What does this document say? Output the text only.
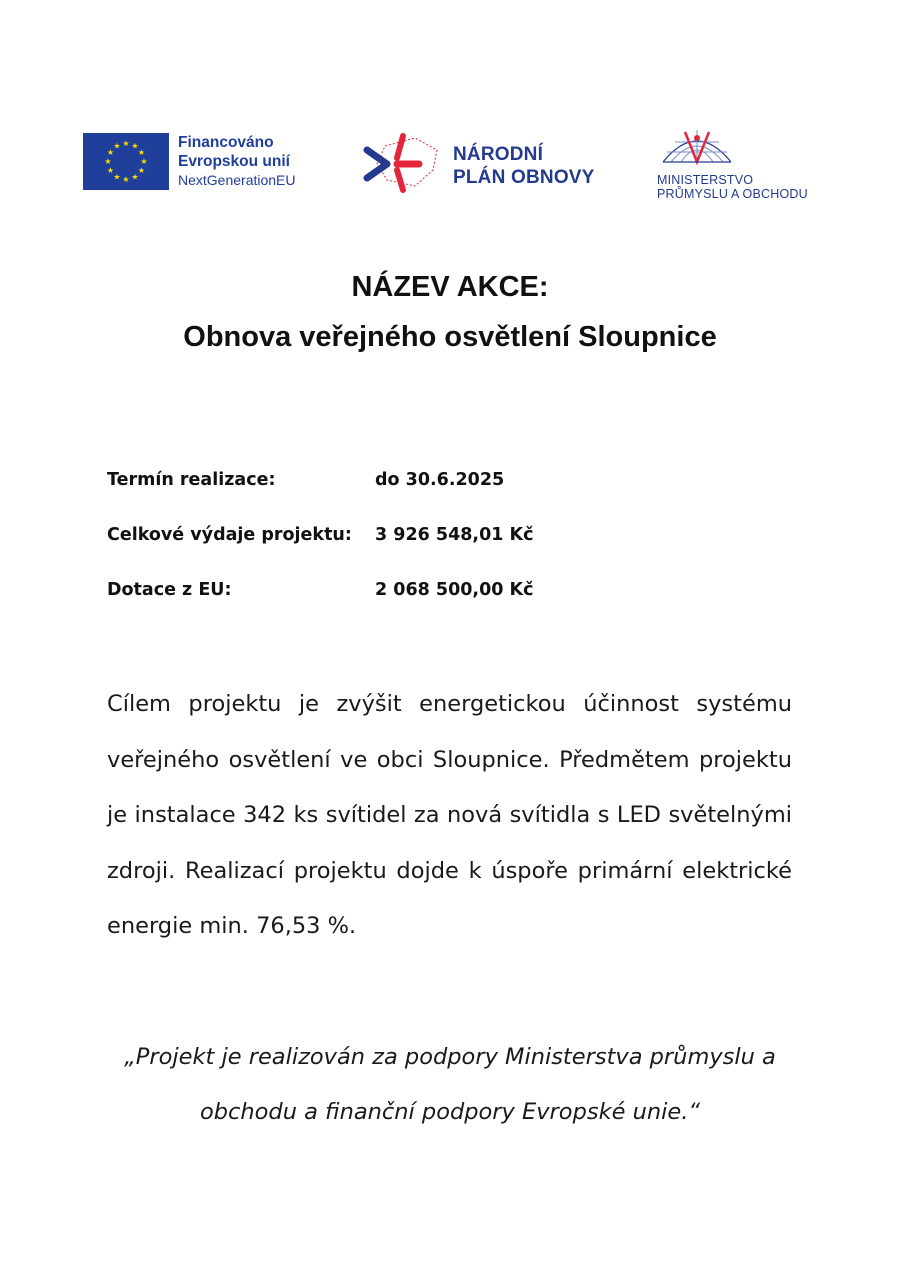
★ ★
★
★
★
★
★
★
★
★
★
★	Financováno
Evropskou unií
NextGenerationEU
NÁRODNÍ
PLÁN OBNOVY	MINISTERSTVO
PRŮMYSLU A OBCHODU
NÁZEV AKCE:
Obnova veřejného osvětlení Sloupnice
Termín realizace:	do 30.6.2025
Celkové výdaje projektu:	3 926 548,01 Kč
Dotace z EU:	2 068 500,00 Kč
Cílem projektu je zvýšit energetickou účinnost systému veřejného osvětlení ve obci Sloupnice. Předmětem projektu je instalace 342 ks svítidel za nová svítidla s LED světelnými zdroji. Realizací projektu dojde k úspoře primární elektrické energie min. 76,53 %.
„Projekt je realizován za podpory Ministerstva průmyslu a obchodu a finanční podpory Evropské unie.“
